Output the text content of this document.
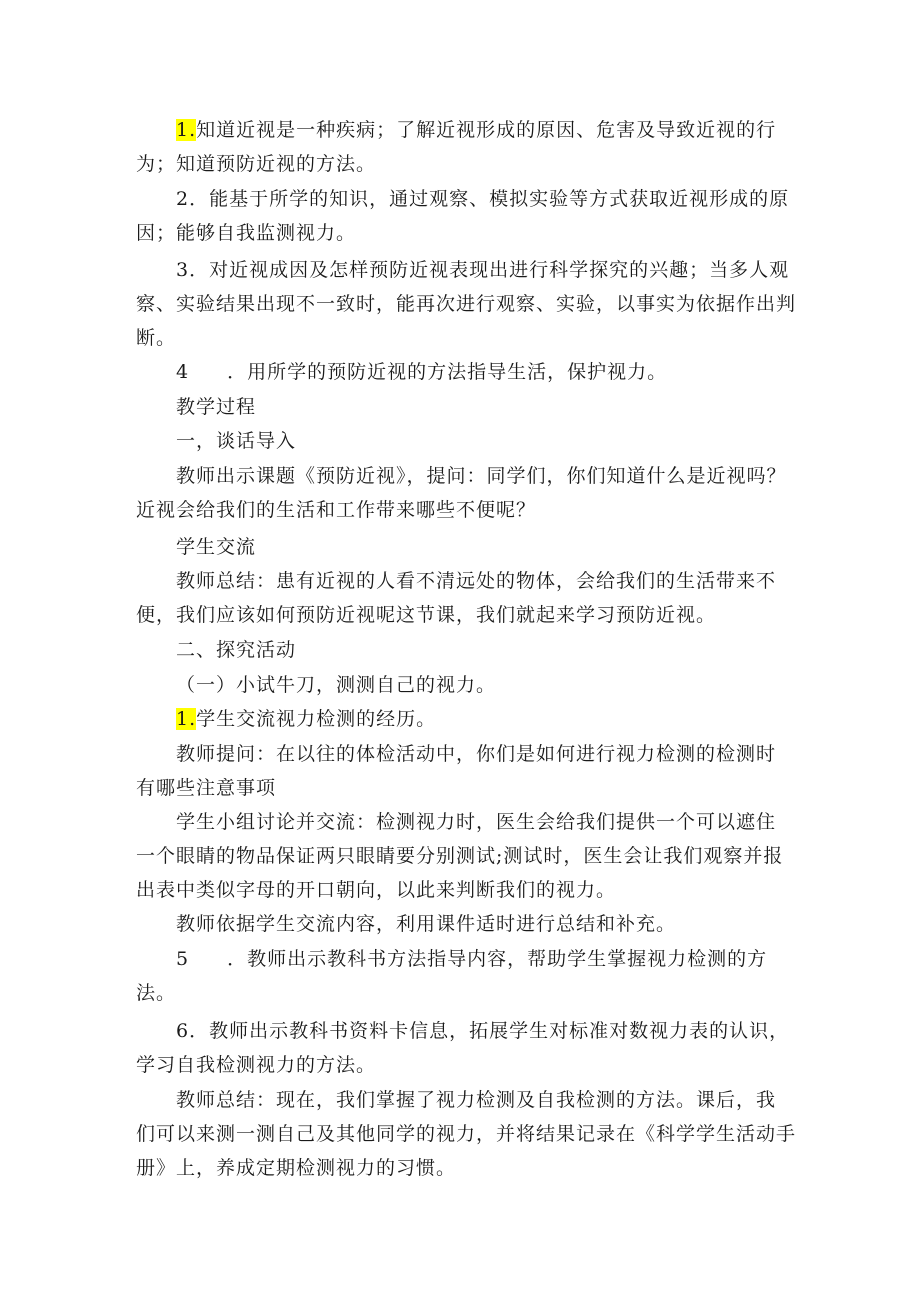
1.知道近视是一种疾病；了解近视形成的原因、危害及导致近视的行
为；知道预防近视的方法。

2．能基于所学的知识，通过观察、模拟实验等方式获取近视形成的原
因；能够自我监测视力。

3．对近视成因及怎样预防近视表现出进行科学探究的兴趣；当多人观
察、实验结果出现不一致时，能再次进行观察、实验，以事实为依据作出判
断。

4 ．用所学的预防近视的方法指导生活，保护视力。

教学过程

一，谈话导入

教师出示课题《预防近视》，提问：同学们，你们知道什么是近视吗？
近视会给我们的生活和工作带来哪些不便呢？

学生交流

教师总结：患有近视的人看不清远处的物体，会给我们的生活带来不
便，我们应该如何预防近视呢这节课，我们就起来学习预防近视。

二、探究活动

（一）小试牛刀，测测自己的视力。

1.学生交流视力检测的经历。

教师提问：在以往的体检活动中，你们是如何进行视力检测的检测时
有哪些注意事项

学生小组讨论并交流：检测视力时，医生会给我们提供一个可以遮住
一个眼睛的物品保证两只眼睛要分别测试;测试时，医生会让我们观察并报
出表中类似字母的开口朝向，以此来判断我们的视力。

教师依据学生交流内容，利用课件适时进行总结和补充。

5 ．教师出示教科书方法指导内容，帮助学生掌握视力检测的方
法。

6．教师出示教科书资料卡信息，拓展学生对标准对数视力表的认识，
学习自我检测视力的方法。

教师总结：现在，我们掌握了视力检测及自我检测的方法。课后，我
们可以来测一测自己及其他同学的视力，并将结果记录在《科学学生活动手
册》上，养成定期检测视力的习惯。
